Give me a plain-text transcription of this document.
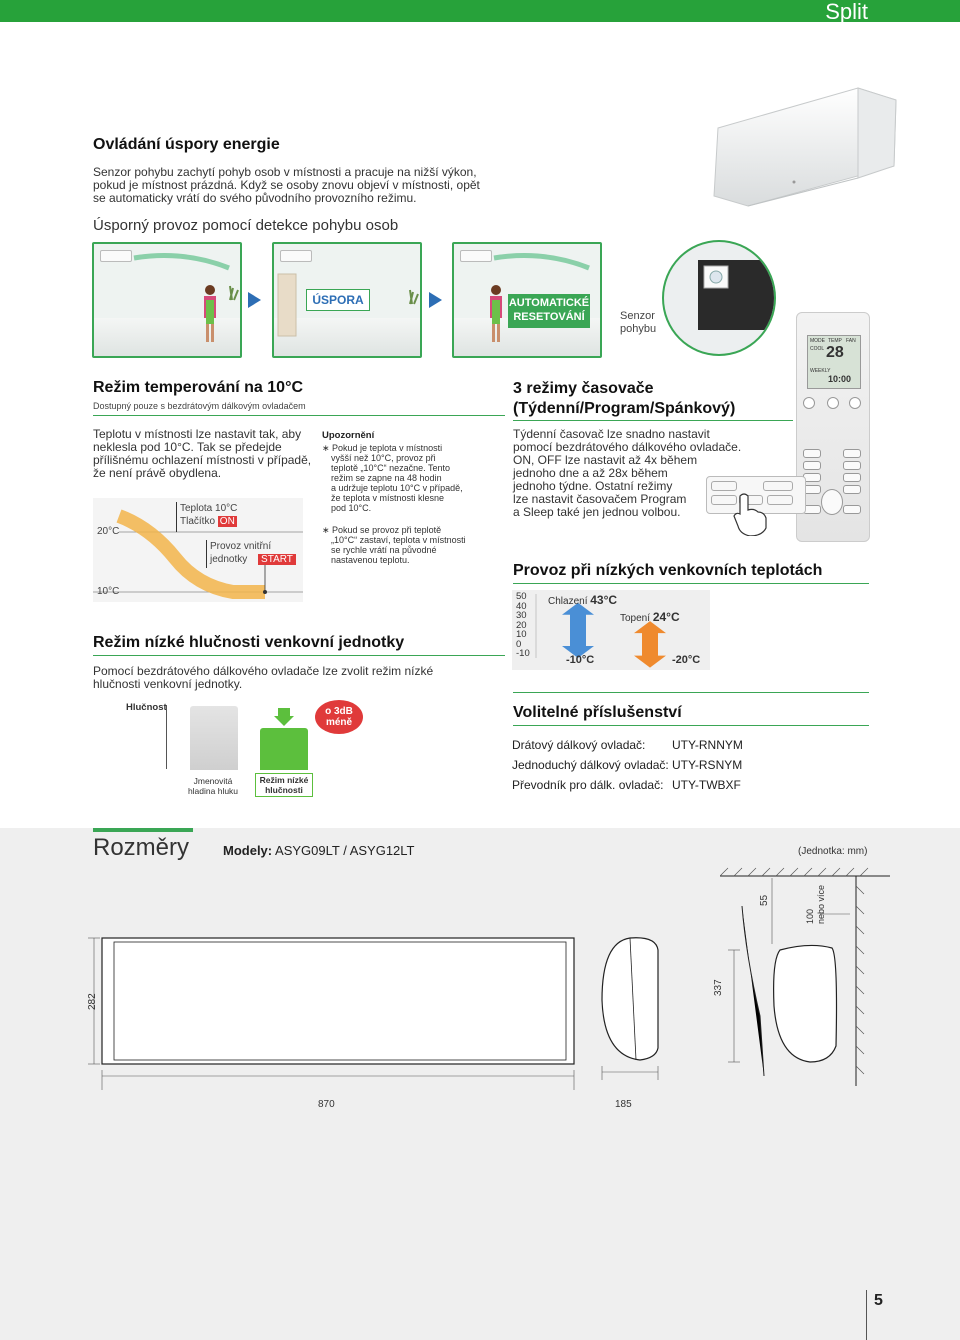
Split
Ovládání úspory energie
Senzor pohybu zachytí pohyb osob v místnosti a pracuje na nižší výkon,
pokud je místnost prázdná. Když se osoby znovu objeví v místnosti, opět
se automaticky vrátí do svého původního provozního režimu.
Úsporný provoz pomocí detekce pohybu osob
ÚSPORA	AUTOMATICKÉ
RESETOVÁNÍ	Senzor
pohybu
MODE TEMP FAN
COOL 28
WEEKLY
10:00
Režim temperování na 10°C
Dostupný pouze s bezdrátovým dálkovým ovladačem
Teplotu v místnosti lze nastavit tak, aby
neklesla pod 10°C. Tak se předejde
přílišnému ochlazení místnosti v případě,
že není právě obydlena.
20°C
10°C
Teplota 10°C
Tlačítko ON
Provoz vnitřní
jednotky START
Upozornění
∗ Pokud je teplota v místnosti
vyšší než 10°C, provoz při
teplotě „10°C“ nezačne. Tento
režim se zapne na 48 hodin
a udržuje teplotu 10°C v případě,
že teplota v místnosti klesne
pod 10°C.
∗ Pokud se provoz při teplotě
„10°C“ zastaví, teplota v místnosti
se rychle vrátí na původné
nastavenou teplotu.
3 režimy časovače
(Týdenní/Program/Spánkový)
Týdenní časovač lze snadno nastavit
pomocí bezdrátového dálkového ovladače.
ON, OFF lze nastavit až 4x během
jednoho dne a až 28x během
jednoho týdne. Ostatní režimy
lze nastavit časovačem Program
a Sleep také jen jednou volbou.
Režim nízké hlučnosti venkovní jednotky
Pomocí bezdrátového dálkového ovladače lze zvolit režim nízké
hlučnosti venkovní jednotky.
Hlučnost	o 3dB
méně
Jmenovitá
hladina hluku
Režim nízké
hlučnosti
Provoz při nízkých venkovních teplotách
50
40
30
20
10
0
-10
Chlazení 43°C
Topení 24°C
-10°C	-20°C
Volitelné příslušenství
Drátový dálkový ovladač: UTY-RNNYM
Jednoduchý dálkový ovladač: UTY-RSNYM
Převodník pro dálk. ovladač: UTY-TWBXF
Rozměry	Modely: ASYG09LT / ASYG12LT	(Jednotka: mm)
870
282
185
55
337
100 nebo více
5
